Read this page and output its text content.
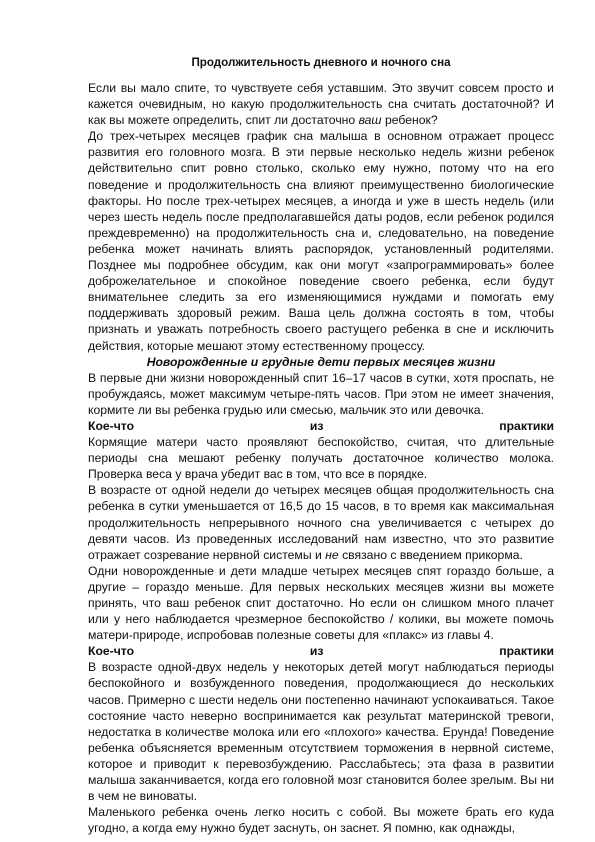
Продолжительность дневного и ночного сна

Если вы мало спите, то чувствуете себя уставшим. Это звучит совсем просто и кажется очевидным, но какую продолжительность сна считать достаточной? И как вы можете определить, спит ли достаточно ваш ребенок?

До трех-четырех месяцев график сна малыша в основном отражает процесс развития его головного мозга. В эти первые несколько недель жизни ребенок действительно спит ровно столько, сколько ему нужно, потому что на его поведение и продолжительность сна влияют преимущественно биологические факторы. Но после трех-четырех месяцев, а иногда и уже в шесть недель (или через шесть недель после предполагавшейся даты родов, если ребенок родился преждевременно) на продолжительность сна и, следовательно, на поведение ребенка может начинать влиять распорядок, установленный родителями. Позднее мы подробнее обсудим, как они могут «запрограммировать» более доброжелательное и спокойное поведение своего ребенка, если будут внимательнее следить за его изменяющимися нуждами и помогать ему поддерживать здоровый режим. Ваша цель должна состоять в том, чтобы признать и уважать потребность своего растущего ребенка в сне и исключить действия, которые мешают этому естественному процессу.

Новорожденные и грудные дети первых месяцев жизни

В первые дни жизни новорожденный спит 16–17 часов в сутки, хотя проспать, не пробуждаясь, может максимум четыре-пять часов. При этом не имеет значения, кормите ли вы ребенка грудью или смесью, мальчик это или девочка.

Кое-что	из	практики

Кормящие матери часто проявляют беспокойство, считая, что длительные периоды сна мешают ребенку получать достаточное количество молока. Проверка веса у врача убедит вас в том, что все в порядке.

В возрасте от одной недели до четырех месяцев общая продолжительность сна ребенка в сутки уменьшается от 16,5 до 15 часов, в то время как максимальная продолжительность непрерывного ночного сна увеличивается с четырех до девяти часов. Из проведенных исследований нам известно, что это развитие отражает созревание нервной системы и не связано с введением прикорма.

Одни новорожденные и дети младше четырех месяцев спят гораздо больше, а другие – гораздо меньше. Для первых нескольких месяцев жизни вы можете принять, что ваш ребенок спит достаточно. Но если он слишком много плачет или у него наблюдается чрезмерное беспокойство / колики, вы можете помочь матери-природе, испробовав полезные советы для «плакс» из главы 4.

Кое-что	из	практики

В возрасте одной-двух недель у некоторых детей могут наблюдаться периоды беспокойного и возбужденного поведения, продолжающиеся до нескольких часов. Примерно с шести недель они постепенно начинают успокаиваться. Такое состояние часто неверно воспринимается как результат материнской тревоги, недостатка в количестве молока или его «плохого» качества. Ерунда! Поведение ребенка объясняется временным отсутствием торможения в нервной системе, которое и приводит к перевозбуждению. Расслабьтесь; эта фаза в развитии малыша заканчивается, когда его головной мозг становится более зрелым. Вы ни в чем не виноваты.

Маленького ребенка очень легко носить с собой. Вы можете брать его куда угодно, а когда ему нужно будет заснуть, он заснет. Я помню, как однажды,
